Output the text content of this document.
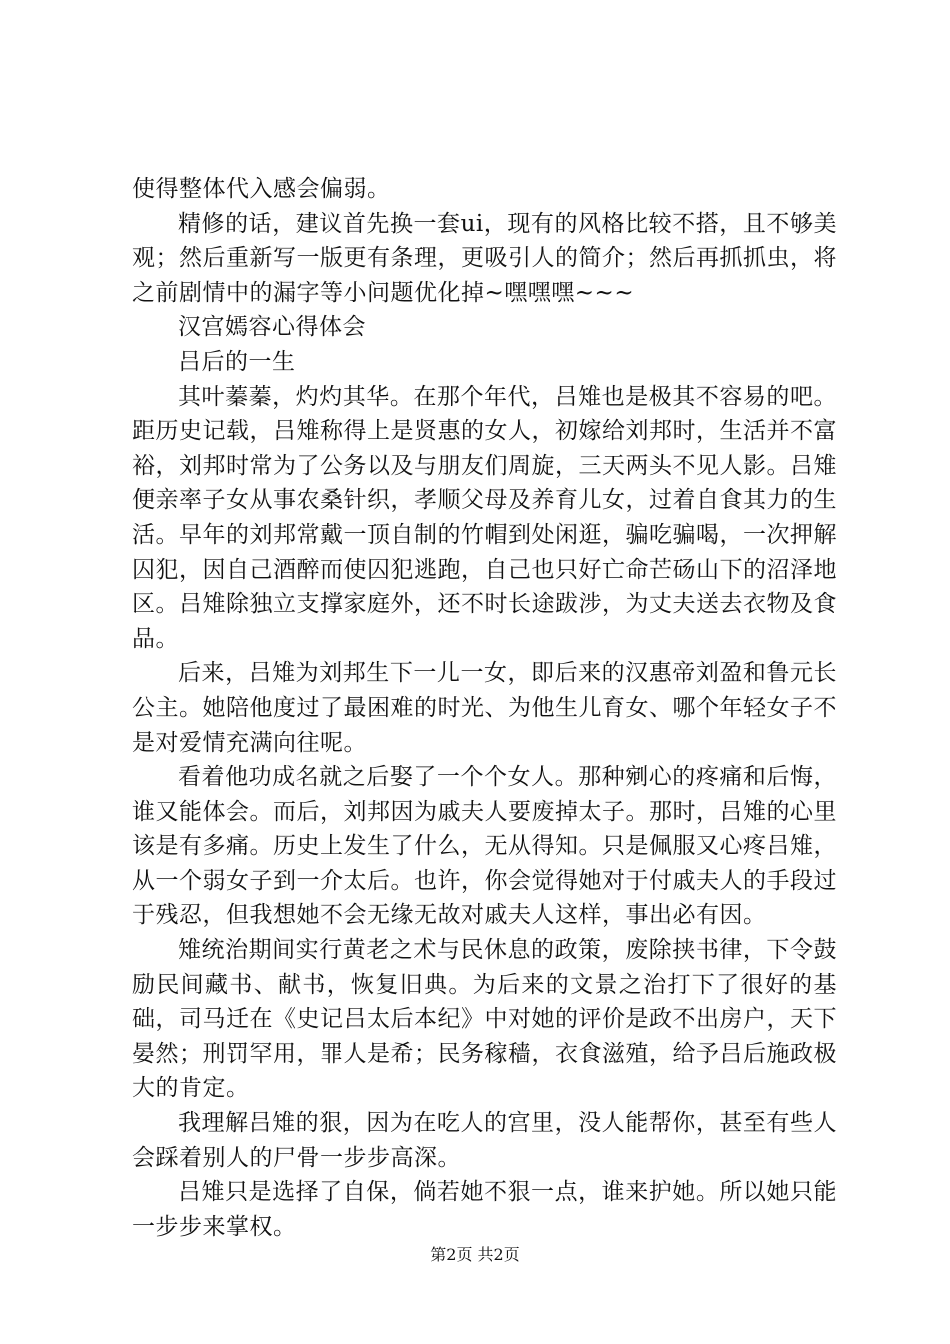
使得整体代入感会偏弱。

精修的话，建议首先换一套ui，现有的风格比较不搭，且不够美观；然后重新写一版更有条理，更吸引人的简介；然后再抓抓虫，将之前剧情中的漏字等小问题优化掉~嘿嘿嘿~~~

汉宫嫣容心得体会

吕后的一生

其叶蓁蓁，灼灼其华。在那个年代，吕雉也是极其不容易的吧。距历史记载，吕雉称得上是贤惠的女人，初嫁给刘邦时，生活并不富裕，刘邦时常为了公务以及与朋友们周旋，三天两头不见人影。吕雉便亲率子女从事农桑针织，孝顺父母及养育儿女，过着自食其力的生活。早年的刘邦常戴一顶自制的竹帽到处闲逛，骗吃骗喝，一次押解囚犯，因自己酒醉而使囚犯逃跑，自己也只好亡命芒砀山下的沼泽地区。吕雉除独立支撑家庭外，还不时长途跋涉，为丈夫送去衣物及食品。

后来，吕雉为刘邦生下一儿一女，即后来的汉惠帝刘盈和鲁元长公主。她陪他度过了最困难的时光、为他生儿育女、哪个年轻女子不是对爱情充满向往呢。

看着他功成名就之后娶了一个个女人。那种剜心的疼痛和后悔，谁又能体会。而后，刘邦因为戚夫人要废掉太子。那时，吕雉的心里该是有多痛。历史上发生了什么，无从得知。只是佩服又心疼吕雉，从一个弱女子到一介太后。也许，你会觉得她对于付戚夫人的手段过于残忍，但我想她不会无缘无故对戚夫人这样，事出必有因。

雉统治期间实行黄老之术与民休息的政策，废除挟书律，下令鼓励民间藏书、献书，恢复旧典。为后来的文景之治打下了很好的基础，司马迁在《史记吕太后本纪》中对她的评价是政不出房户，天下晏然；刑罚罕用，罪人是希；民务稼穑，衣食滋殖，给予吕后施政极大的肯定。

我理解吕雉的狠，因为在吃人的宫里，没人能帮你，甚至有些人会踩着别人的尸骨一步步高深。

吕雉只是选择了自保，倘若她不狠一点，谁来护她。所以她只能一步步来掌权。

第2页 共2页
